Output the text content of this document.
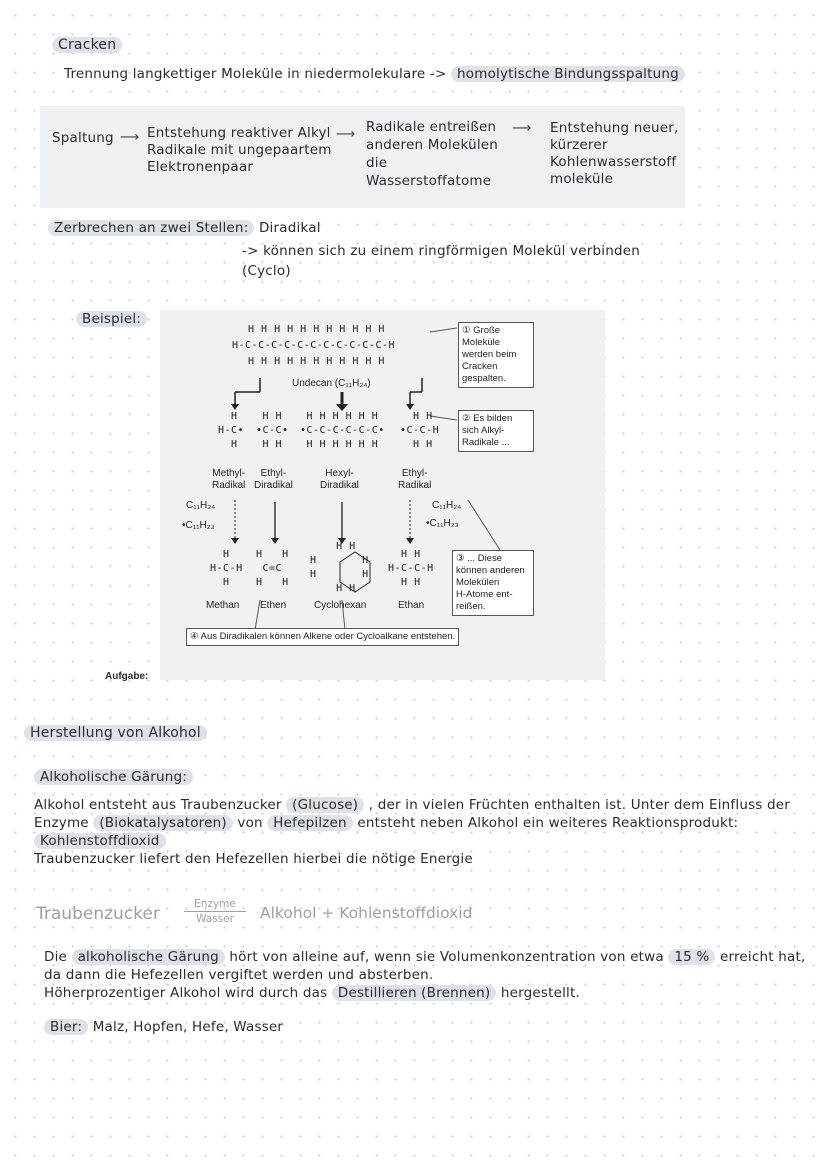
Cracken
Trennung langkettiger Moleküle in niedermolekulare -> homolytische Bindungsspaltung
Spaltung ⟶ Entstehung reaktiver Alkyl
Radikale mit ungepaartem
Elektronenpaar
⟶ Radikale entreißen
anderen Molekülen
die
Wasserstoffatome
⟶ Entstehung neuer,
kürzerer
Kohlenwasserstoff
moleküle
Zerbrechen an zwei Stellen: Diradikal
-> können sich zu einem ringförmigen Molekül verbinden
(Cyclo)
Beispiel:
H H H H H H H H H H H
H-C-C-C-C-C-C-C-C-C-C-C-H
H H H H H H H H H H H
Undecan (C₁₁H₂₄)
① Große
Moleküle
werden beim
Cracken
gespalten.
H
H-C•
H
H H
•C-C•
H H
H H H H H H
•C-C-C-C-C-C•
H H H H H H
H H
•C-C-H
H H
② Es bilden
sich Alkyl-
Radikale ...
Methyl-
Radikal
Ethyl-
Diradikal
Hexyl-
Diradikal
Ethyl-
Radikal
C₁₁H₂₄
•C₁₁H₂₃
C₁₁H₂₄
•C₁₁H₂₃
H
H-C-H
H
H   H
C=C
H   H
H H
H       H
H       H
H H
H H
H-C-C-H
H H
③ ... Diese
können anderen
Molekülen
H-Atome ent-
reißen.
Methan Ethen	Cyclohexan	Ethan
④ Aus Diradikalen können Alkene oder Cycloalkane entstehen.
Aufgabe:
Herstellung von Alkohol
Alkoholische Gärung:
Alkohol entsteht aus Traubenzucker (Glucose) , der in vielen Früchten enthalten ist. Unter dem Einfluss der
Enzyme (Biokatalysatoren) von Hefepilzen entsteht neben Alkohol ein weiteres Reaktionsprodukt:
Kohlenstoffdioxid
Traubenzucker liefert den Hefezellen hierbei die nötige Energie
Traubenzucker	Enzyme
Wasser	Alkohol + Kohlenstoffdioxid
Die alkoholische Gärung hört von alleine auf, wenn sie Volumenkonzentration von etwa 15 % erreicht hat,
da dann die Hefezellen vergiftet werden und absterben.
Höherprozentiger Alkohol wird durch das Destillieren (Brennen) hergestellt.
Bier: Malz, Hopfen, Hefe, Wasser
